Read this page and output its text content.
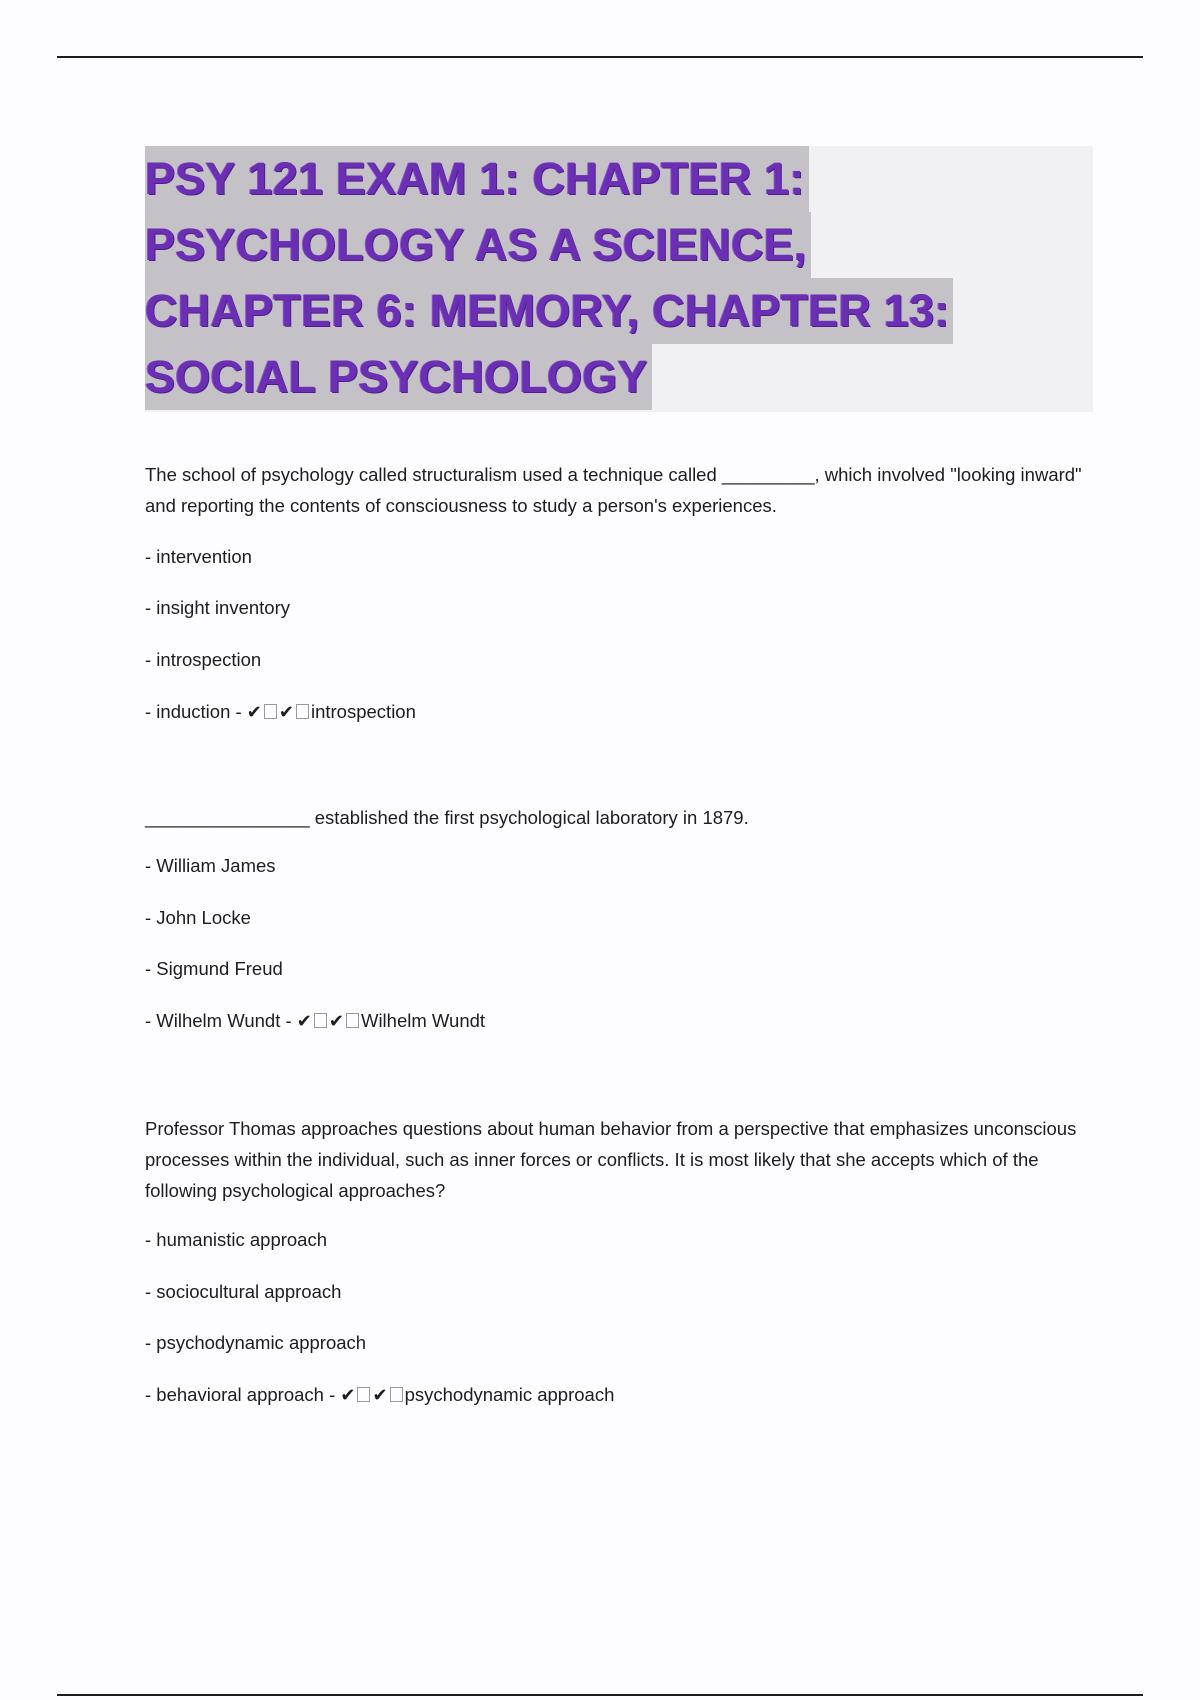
PSY 121 EXAM 1: CHAPTER 1:
PSYCHOLOGY AS A SCIENCE,
CHAPTER 6: MEMORY, CHAPTER 13:
SOCIAL PSYCHOLOGY

The school of psychology called structuralism used a technique called _________, which involved "looking inward" and reporting the contents of consciousness to study a person's experiences.

- intervention
- insight inventory
- introspection
- induction - ✔ ✔ introspection

________________ established the first psychological laboratory in 1879.

- William James
- John Locke
- Sigmund Freud
- Wilhelm Wundt - ✔ ✔ Wilhelm Wundt

Professor Thomas approaches questions about human behavior from a perspective that emphasizes unconscious processes within the individual, such as inner forces or conflicts. It is most likely that she accepts which of the following psychological approaches?

- humanistic approach
- sociocultural approach
- psychodynamic approach
- behavioral approach - ✔ ✔ psychodynamic approach
